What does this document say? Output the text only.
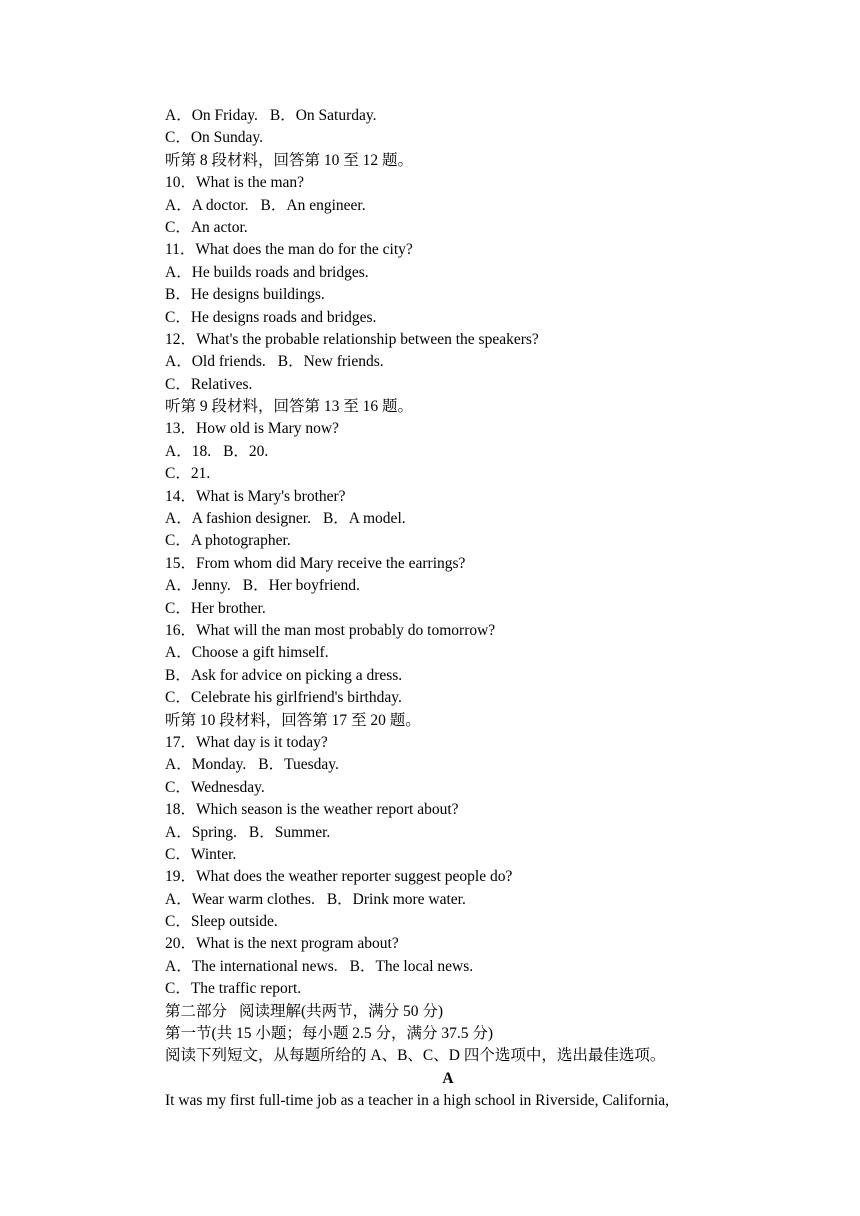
A．On Friday. B．On Saturday.
C．On Sunday.
听第 8 段材料，回答第 10 至 12 题。
10．What is the man?
A．A doctor. B．An engineer.
C．An actor.
11．What does the man do for the city?
A．He builds roads and bridges.
B．He designs buildings.
C．He designs roads and bridges.
12．What's the probable relationship between the speakers?
A．Old friends. B．New friends.
C．Relatives.
听第 9 段材料，回答第 13 至 16 题。
13．How old is Mary now?
A．18. B．20.
C．21.
14．What is Mary's brother?
A．A fashion designer. B．A model.
C．A photographer.
15．From whom did Mary receive the earrings?
A．Jenny. B．Her boyfriend.
C．Her brother.
16．What will the man most probably do tomorrow?
A．Choose a gift himself.
B．Ask for advice on picking a dress.
C．Celebrate his girlfriend's birthday.
听第 10 段材料，回答第 17 至 20 题。
17．What day is it today?
A．Monday. B．Tuesday.
C．Wednesday.
18．Which season is the weather report about?
A．Spring. B．Summer.
C．Winter.
19．What does the weather reporter suggest people do?
A．Wear warm clothes. B．Drink more water.
C．Sleep outside.
20．What is the next program about?
A．The international news. B．The local news.
C．The traffic report.
第二部分 阅读理解(共两节，满分 50 分)
第一节(共 15 小题；每小题 2.5 分，满分 37.5 分)
阅读下列短文，从每题所给的 A、B、C、D 四个选项中，选出最佳选项。
A
It was my first full-time job as a teacher in a high school in Riverside, California,
